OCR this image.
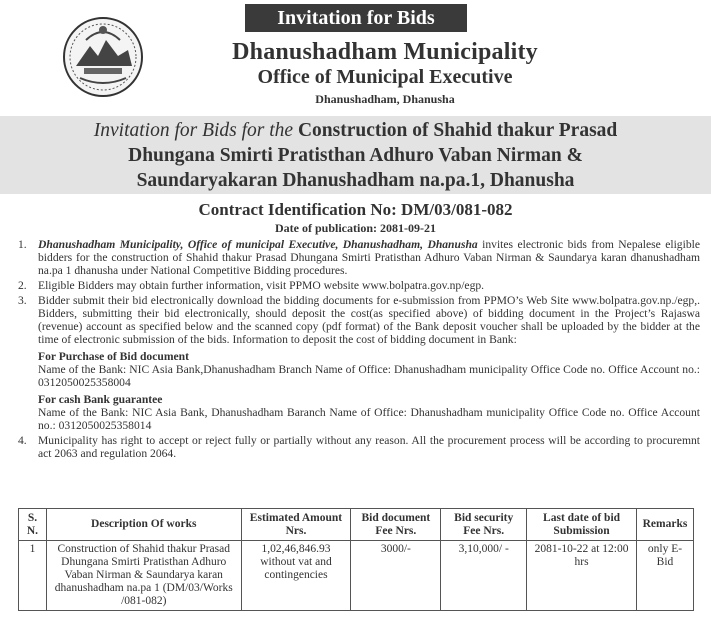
Invitation for Bids
Dhanushadham Municipality
Office of Municipal Executive
Dhanushadham, Dhanusha
Invitation for Bids for the Construction of Shahid thakur Prasad
Dhungana Smirti Pratisthan Adhuro Vaban Nirman &
Saundaryakaran Dhanushadham na.pa.1, Dhanusha
Contract Identification No: DM/03/081-082
Date of publication: 2081-09-21
1. Dhanushadham Municipality, Office of municipal Executive, Dhanushadham, Dhanusha invites electronic bids from Nepalese eligible bidders for the construction of Shahid thakur Prasad Dhungana Smirti Pratisthan Adhuro Vaban Nirman & Saundarya karan dhanushadham na.pa 1 dhanusha under National Competitive Bidding procedures.
2. Eligible Bidders may obtain further information, visit PPMO website www.bolpatra.gov.np/egp.
3. Bidder submit their bid electronically download the bidding documents for e-submission from PPMO’s Web Site www.bolpatra.gov.np./egp,. Bidders, submitting their bid electronically, should deposit the cost(as specified above) of bidding document in the Project’s Rajaswa (revenue) account as specified below and the scanned copy (pdf format) of the Bank deposit voucher shall be uploaded by the bidder at the time of electronic submission of the bids. Information to deposit the cost of bidding document in Bank:
For Purchase of Bid document
Name of the Bank: NIC Asia Bank,Dhanushadham Branch Name of Office: Dhanushadham municipality Office Code no. Office Account no.: 0312050025358004
For cash Bank guarantee
Name of the Bank: NIC Asia Bank, Dhanushadham Baranch Name of Office: Dhanushadham municipality Office Code no. Office Account no.: 0312050025358014
4. Municipality has right to accept or reject fully or partially without any reason. All the procurement process will be according to procuremnt act 2063 and regulation 2064.
S. N.	Description Of works	Estimated Amount Nrs.	Bid document Fee Nrs.	Bid security Fee Nrs.	Last date of bid Submission	Remarks
1	Construction of Shahid thakur Prasad Dhungana Smirti Pratisthan Adhuro Vaban Nirman & Saundarya karan dhanushadham na.pa 1 (DM/03/Works /081-082)	1,02,46,846.93 without vat and contingencies	3000/-	3,10,000/ -	2081-10-22 at 12:00 hrs	only E-Bid
